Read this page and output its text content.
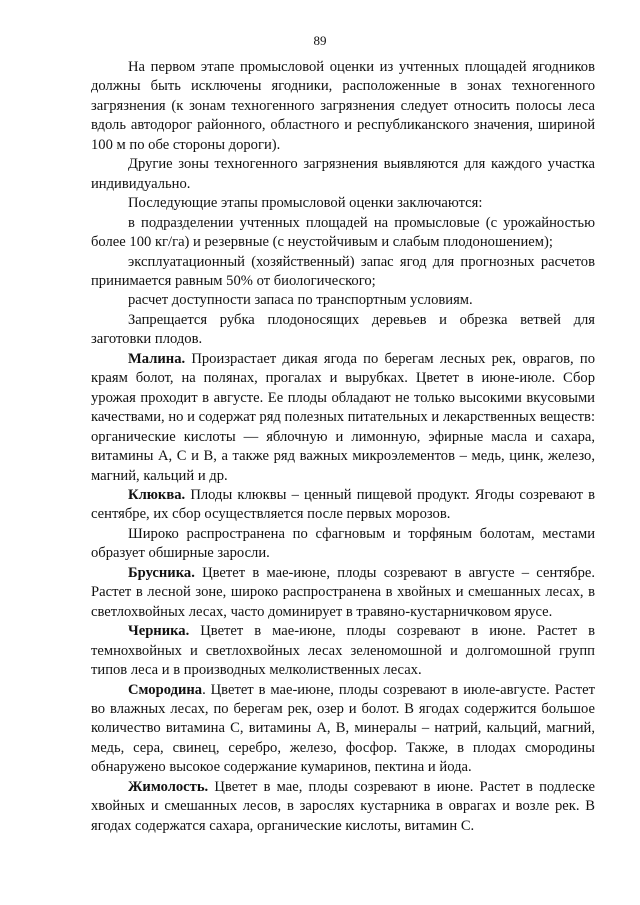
89

На первом этапе промысловой оценки из учтенных площадей ягодников должны быть исключены ягодники, расположенные в зонах техногенного загрязнения (к зонам техногенного загрязнения следует относить полосы леса вдоль автодорог районного, областного и республиканского значения, шириной 100 м по обе стороны дороги).

Другие зоны техногенного загрязнения выявляются для каждого участка индивидуально.

Последующие этапы промысловой оценки заключаются:

в подразделении учтенных площадей на промысловые (с урожайностью более 100 кг/га) и резервные (с неустойчивым и слабым плодоношением);

эксплуатационный (хозяйственный) запас ягод для прогнозных расчетов принимается равным 50% от биологического;

расчет доступности запаса по транспортным условиям.

Запрещается рубка плодоносящих деревьев и обрезка ветвей для заготовки плодов.

Малина. Произрастает дикая ягода по берегам лесных рек, оврагов, по краям болот, на полянах, прогалах и вырубках. Цветет в июне-июле. Сбор урожая проходит в августе. Ее плоды обладают не только высокими вкусовыми качествами, но и содержат ряд полезных питательных и лекарственных веществ: органические кислоты — яблочную и лимонную, эфирные масла и сахара, витамины А, С и В, а также ряд важных микроэлементов – медь, цинк, железо, магний, кальций и др.

Клюква. Плоды клюквы – ценный пищевой продукт. Ягоды созревают в сентябре, их сбор осуществляется после первых морозов.

Широко распространена по сфагновым и торфяным болотам, местами образует обширные заросли.

Брусника. Цветет в мае-июне, плоды созревают в августе – сентябре. Растет в лесной зоне, широко распространена в хвойных и смешанных лесах, в светлохвойных лесах, часто доминирует в травяно-кустарничковом ярусе.

Черника. Цветет в мае-июне, плоды созревают в июне. Растет в темнохвойных и светлохвойных лесах зеленомошной и долгомошной групп типов леса и в производных мелколиственных лесах.

Смородина. Цветет в мае-июне, плоды созревают в июле-августе. Растет во влажных лесах, по берегам рек, озер и болот. В ягодах содержится большое количество витамина С, витамины А, В, минералы – натрий, кальций, магний, медь, сера, свинец, серебро, железо, фосфор. Также, в плодах смородины обнаружено высокое содержание кумаринов, пектина и йода.

Жимолость. Цветет в мае, плоды созревают в июне. Растет в подлеске хвойных и смешанных лесов, в зарослях кустарника в оврагах и возле рек. В ягодах содержатся сахара, органические кислоты, витамин С.
